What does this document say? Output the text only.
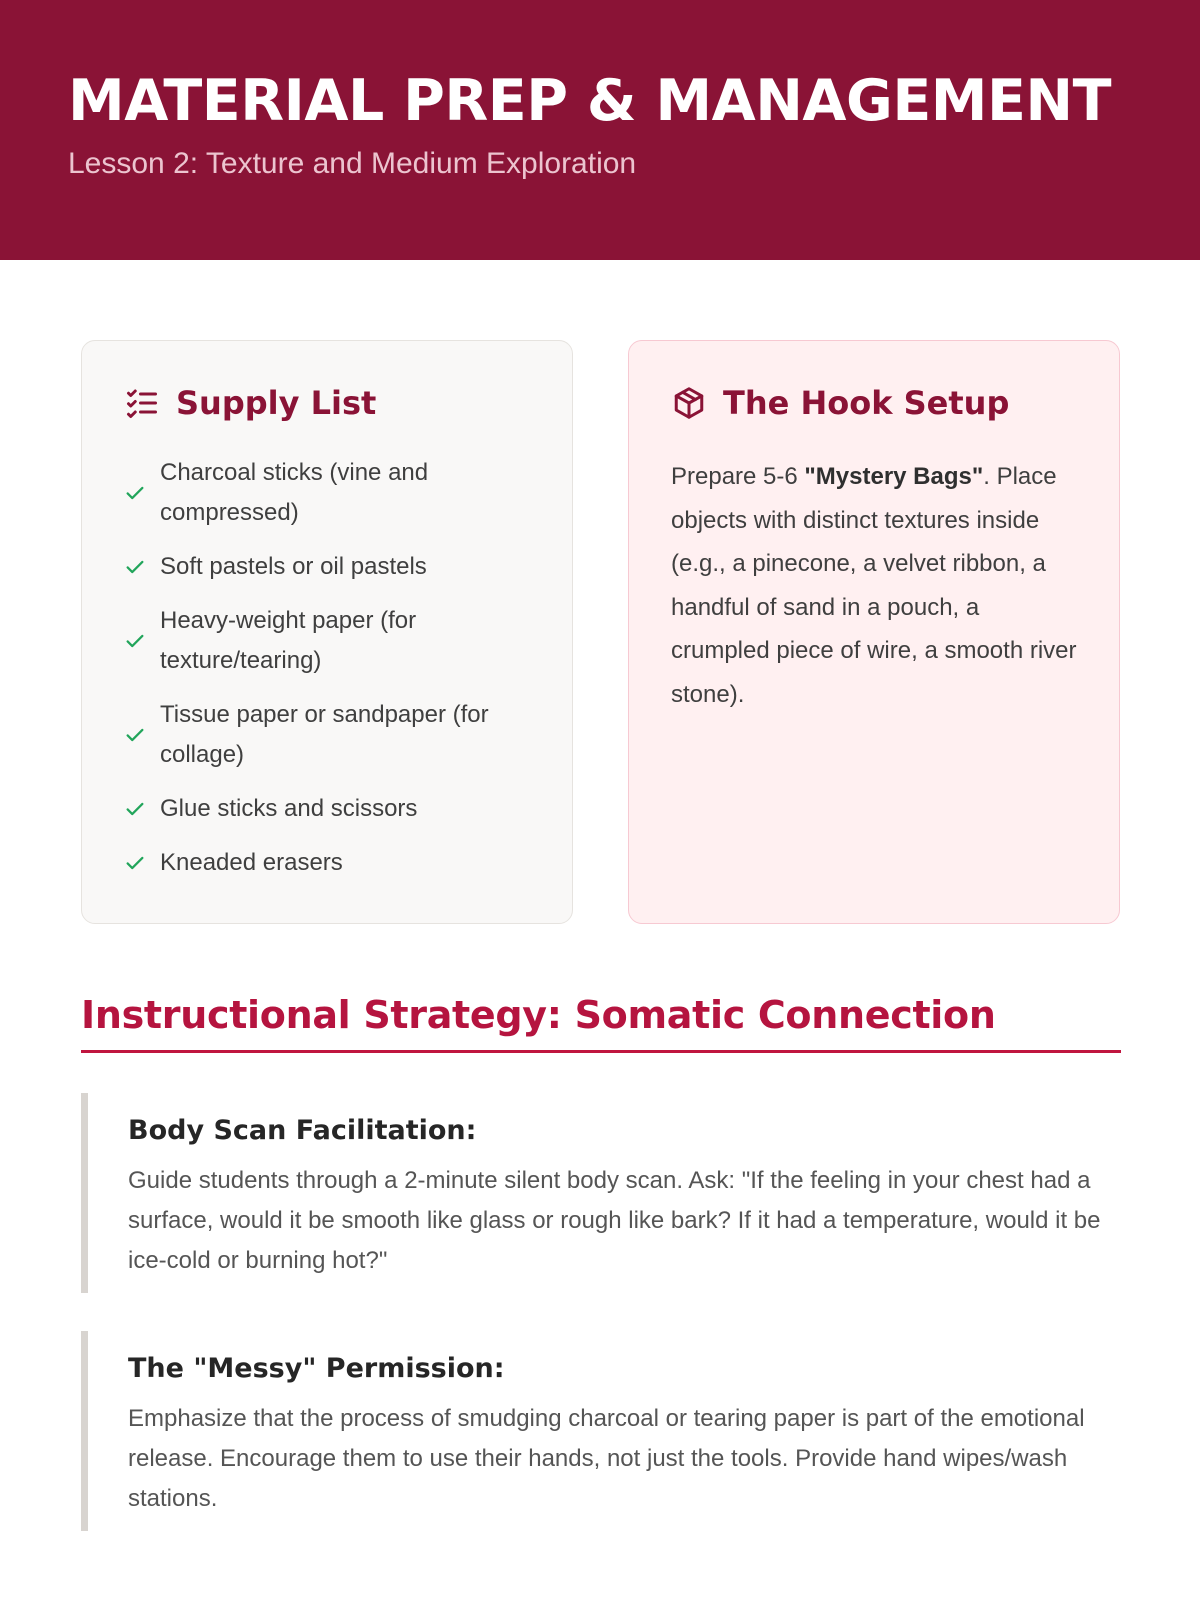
MATERIAL PREP & MANAGEMENT
Lesson 2: Texture and Medium Exploration
Supply List
Charcoal sticks (vine and compressed)
Soft pastels or oil pastels
Heavy-weight paper (for texture/tearing)
Tissue paper or sandpaper (for collage)
Glue sticks and scissors
Kneaded erasers
The Hook Setup

Prepare 5-6 "Mystery Bags". Place objects with distinct textures inside (e.g., a pinecone, a velvet ribbon, a handful of sand in a pouch, a crumpled piece of wire, a smooth river stone).

Instructional Strategy: Somatic Connection
Body Scan Facilitation:
Guide students through a 2-minute silent body scan. Ask: "If the feeling in your chest had a surface, would it be smooth like glass or rough like bark? If it had a temperature, would it be ice-cold or burning hot?"
The "Messy" Permission:
Emphasize that the process of smudging charcoal or tearing paper is part of the emotional release. Encourage them to use their hands, not just the tools. Provide hand wipes/wash stations.
